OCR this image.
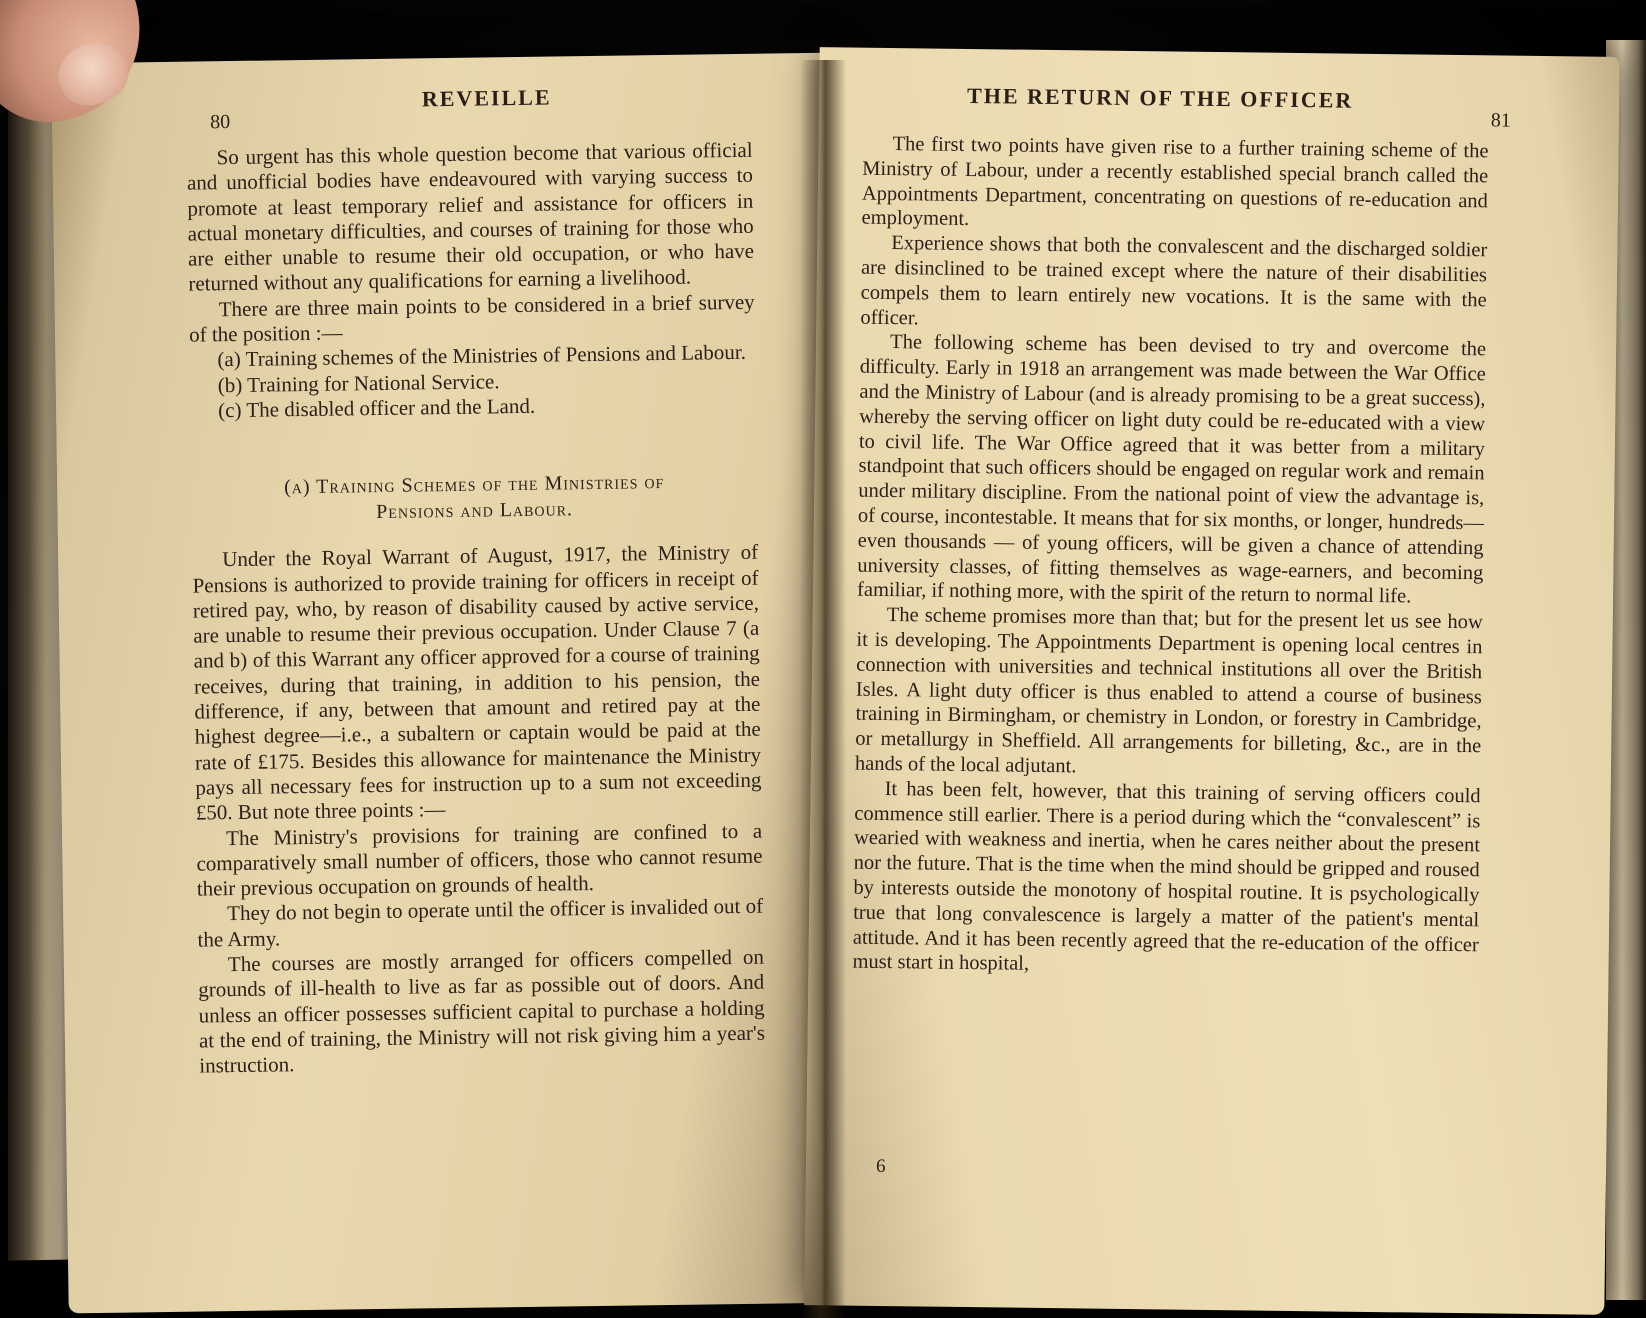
80
REVEILLE

So urgent has this whole question become that various official and unofficial bodies have endeavoured with varying success to promote at least temporary relief and assistance for officers in actual monetary difficulties, and courses of training for those who are either unable to resume their old occupation, or who have returned without any qualifications for earning a livelihood.

There are three main points to be considered in a brief survey of the position :—

(a) Training schemes of the Ministries of Pensions and Labour.

(b) Training for National Service.

(c) The disabled officer and the Land.

(a) Training Schemes of the Ministries of
Pensions and Labour.

Under the Royal Warrant of August, 1917, the Ministry of Pensions is authorized to provide training for officers in receipt of retired pay, who, by reason of disability caused by active service, are unable to resume their previous occupation. Under Clause 7 (a and b) of this Warrant any officer approved for a course of training receives, during that training, in addition to his pension, the difference, if any, between that amount and retired pay at the highest degree—i.e., a subaltern or captain would be paid at the rate of £175. Besides this allowance for maintenance the Ministry pays all necessary fees for instruction up to a sum not exceeding £50. But note three points :—

The Ministry's provisions for training are confined to a comparatively small number of officers, those who cannot resume their previous occupation on grounds of health.

They do not begin to operate until the officer is invalided out of the Army.

The courses are mostly arranged for officers compelled on grounds of ill-health to live as far as possible out of doors. And unless an officer possesses sufficient capital to purchase a holding at the end of training, the Ministry will not risk giving him a year's instruction.

THE RETURN OF THE OFFICER
81

The first two points have given rise to a further training scheme of the Ministry of Labour, under a recently established special branch called the Appointments Department, concentrating on questions of re-education and employment.

Experience shows that both the convalescent and the discharged soldier are disinclined to be trained except where the nature of their disabilities compels them to learn entirely new vocations. It is the same with the officer.

The following scheme has been devised to try and overcome the difficulty. Early in 1918 an arrangement was made between the War Office and the Ministry of Labour (and is already promising to be a great success), whereby the serving officer on light duty could be re-educated with a view to civil life. The War Office agreed that it was better from a military standpoint that such officers should be engaged on regular work and remain under military discipline. From the national point of view the advantage is, of course, incontestable. It means that for six months, or longer, hundreds— even thousands — of young officers, will be given a chance of attending university classes, of fitting themselves as wage-earners, and becoming familiar, if nothing more, with the spirit of the return to normal life.

The scheme promises more than that; but for the present let us see how it is developing. The Appointments Department is opening local centres in connection with universities and technical institutions all over the British Isles. A light duty officer is thus enabled to attend a course of business training in Birmingham, or chemistry in London, or forestry in Cambridge, or metallurgy in Sheffield. All arrangements for billeting, &c., are in the hands of the local adjutant.

It has been felt, however, that this training of serving officers could commence still earlier. There is a period during which the “convalescent” is wearied with weakness and inertia, when he cares neither about the present nor the future. That is the time when the mind should be gripped and roused by interests outside the monotony of hospital routine. It is psychologically true that long convalescence is largely a matter of the patient's mental attitude. And it has been recently agreed that the re-education of the officer must start in hospital,

6
